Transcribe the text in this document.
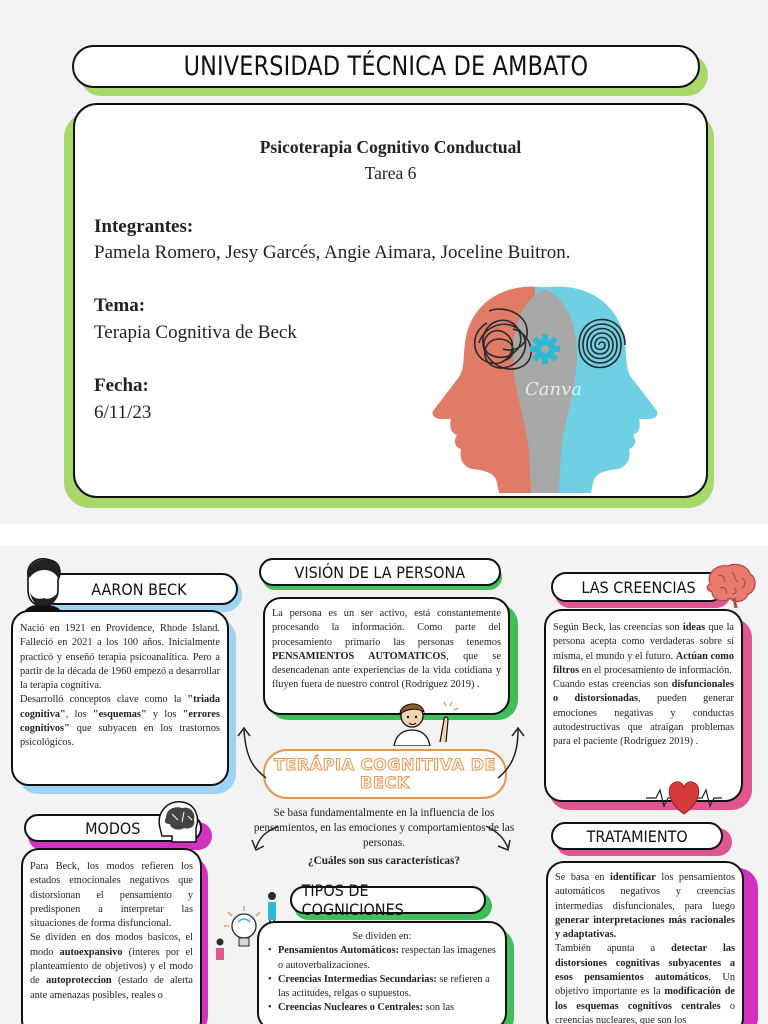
UNIVERSIDAD TÉCNICA DE AMBATO
Psicoterapia Cognitivo Conductual
Tarea 6
Integrantes:
Pamela Romero, Jesy Garcés, Angie Aimara, Joceline Buitron.
Tema:
Terapia Cognitiva de Beck
Fecha:
6/11/23
Canva
AARON BECK
Nació en 1921 en Providence, Rhode Island. Falleció en 2021 a los 100 años. Inicialmente practicó y enseñó terapia psicoanalítica. Pero a partir de la década de 1960 empezó a desarrollar la terapia cognitiva.
Desarrolló conceptos clave como la "triada cognitiva", los "esquemas" y los "errores cognitivos" que subyacen en los trastornos psicológicos.
VISIÓN DE LA PERSONA
La persona es un ser activo, está constantemente procesando la información. Como parte del procesamiento primario las personas tenemos PENSAMIENTOS AUTOMATICOS, que se desencadenan ante experiencias de la vida cotidiana y fluyen fuera de nuestro control (Rodríguez 2019) .
LAS CREENCIAS
Según Beck, las creencias son ideas que la persona acepta como verdaderas sobre sí misma, el mundo y el futuro. Actúan como filtros en el procesamiento de información.
Cuando estas creencias son disfuncionales o distorsionadas, pueden generar emociones negativas y conductas autodestructivas que atraigan problemas para el paciente (Rodríguez 2019) .
TERÁPIA COGNITIVA DE BECK
Se basa fundamentalmente en la influencia de los pensamientos, en las emociones y comportamientos de las personas.
¿Cuáles son sus características?
MODOS
Para Beck, los modos refieren los estados emocionales negativos que distorsionan el pensamiento y predisponen a interpretar las situaciones de forma disfuncional.
Se dividen en dos modos basicos, el modo autoexpansivo (interes por el planteamiento de objetivos) y el modo de autoproteccion (estado de alerta ante amenazas posibles, reales o
TIPOS DE COGNICIONES
Se dividen en:
• Pensamientos Automáticos: respectan las imagenes o autoverbalizaciones.
• Creencias Intermedias Secundarias: se refieren a las actitudes, relgas o supuestos.
• Creencias Nucleares o Centrales: son las
TRATAMIENTO
Se basa en identificar los pensamientos automáticos negativos y creencias intermedias disfuncionales, para luego generar interpretaciones más racionales y adaptativas.
También apunta a detectar las distorsiones cognitivas subyacentes a esos pensamientos automáticos. Un objetivo importante es la modificación de los esquemas cognitivos centrales o creencias nucleares, que son los
